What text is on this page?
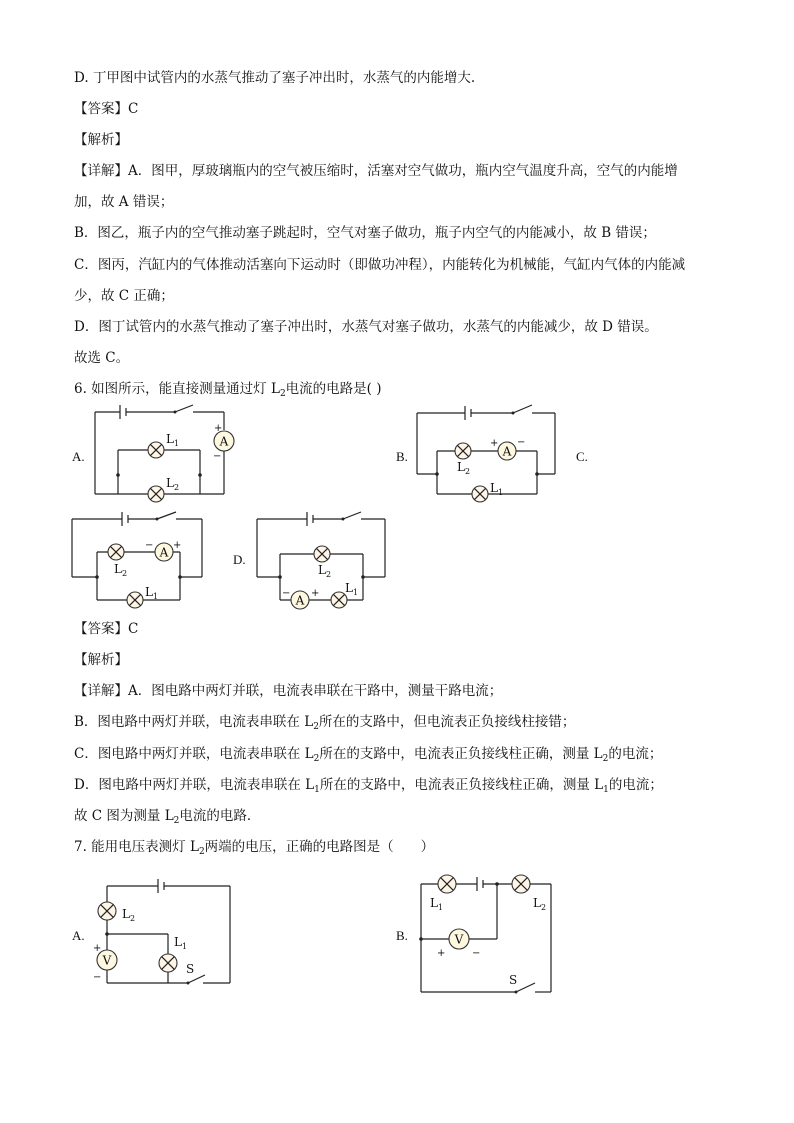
D. 丁甲图中试管内的水蒸气推动了塞子冲出时，水蒸气的内能增大.
【答案】C
【解析】
【详解】A．图甲，厚玻璃瓶内的空气被压缩时，活塞对空气做功，瓶内空气温度升高，空气的内能增
加，故 A 错误；
B．图乙，瓶子内的空气推动塞子跳起时，空气对塞子做功，瓶子内空气的内能减小，故 B 错误；
C．图丙，汽缸内的气体推动活塞向下运动时（即做功冲程），内能转化为机械能，气缸内气体的内能减
少，故 C 正确；
D．图丁试管内的水蒸气推动了塞子冲出时，水蒸气对塞子做功，水蒸气的内能减少，故 D 错误。
故选 C。
6. 如图所示，能直接测量通过灯 $L_2$电流的电路是( )
A.	B.	C.
D.
A
+
−
L 1
L 2
L 2
A
+ −
L 1
L 2
A
− +
L 1
L 2
A
− + L 1
【答案】C
【解析】
【详解】A．图电路中两灯并联，电流表串联在干路中，测量干路电流；
B．图电路中两灯并联，电流表串联在 $L_2$所在的支路中，但电流表正负接线柱接错；
C．图电路中两灯并联，电流表串联在 $L_2$所在的支路中，电流表正负接线柱正确，测量 $L_2$的电流；
D．图电路中两灯并联，电流表串联在 $L_1$所在的支路中，电流表正负接线柱正确，测量 $L_1$的电流；
故 C 图为测量 $L_2$电流的电路．
7. 能用电压表测灯 $L_2$两端的电压，正确的电路图是（　　）
A.	B.
L 2
L 1
V
+
−
S
L 1	L 2
V
+	−
S
